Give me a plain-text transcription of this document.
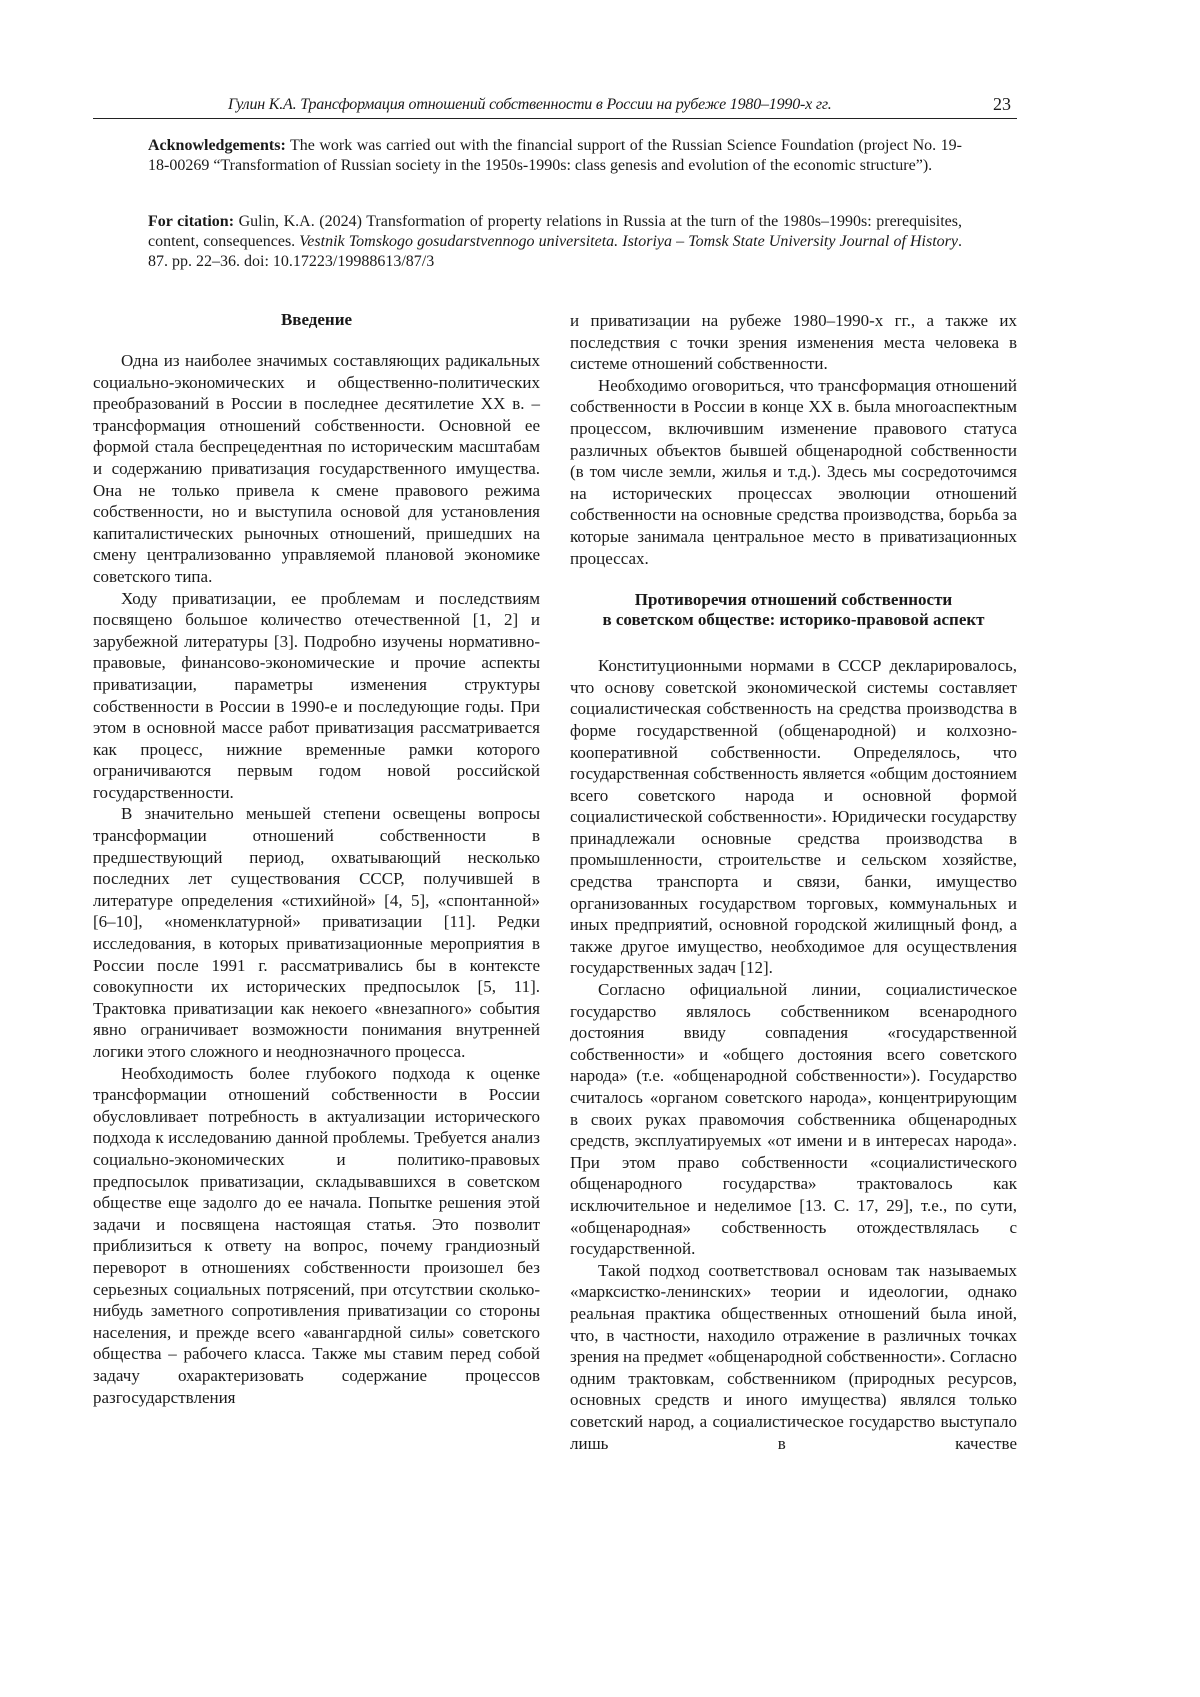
Гулин К.А. Трансформация отношений собственности в России на рубеже 1980–1990-х гг.	23
Acknowledgements: The work was carried out with the financial support of the Russian Science Foundation (project No. 19-18-00269 “Transformation of Russian society in the 1950s-1990s: class genesis and evolution of the economic structure”).
For citation: Gulin, K.A. (2024) Transformation of property relations in Russia at the turn of the 1980s–1990s: prerequisites, content, consequences. Vestnik Tomskogo gosudarstvennogo universiteta. Istoriya – Tomsk State University Journal of History. 87. pp. 22–36. doi: 10.17223/19988613/87/3
Введение

Одна из наиболее значимых составляющих радикальных социально-экономических и общественно-политических преобразований в России в последнее десятилетие XX в. – трансформация отношений собственности. Основной ее формой стала беспрецедентная по историческим масштабам и содержанию приватизация государственного имущества. Она не только привела к смене правового режима собственности, но и выступила основой для установления капиталистических рыночных отношений, пришедших на смену централизованно управляемой плановой экономике советского типа.

Ходу приватизации, ее проблемам и последствиям посвящено большое количество отечественной [1, 2] и зарубежной литературы [3]. Подробно изучены нормативно-правовые, финансово-экономические и прочие аспекты приватизации, параметры изменения структуры собственности в России в 1990-е и последующие годы. При этом в основной массе работ приватизация рассматривается как процесс, нижние временные рамки которого ограничиваются первым годом новой российской государственности.

В значительно меньшей степени освещены вопросы трансформации отношений собственности в предшествующий период, охватывающий несколько последних лет существования СССР, получившей в литературе определения «стихийной» [4, 5], «спонтанной» [6–10], «номенклатурной» приватизации [11]. Редки исследования, в которых приватизационные мероприятия в России после 1991 г. рассматривались бы в контексте совокупности их исторических предпосылок [5, 11]. Трактовка приватизации как некоего «внезапного» события явно ограничивает возможности понимания внутренней логики этого сложного и неоднозначного процесса.

Необходимость более глубокого подхода к оценке трансформации отношений собственности в России обусловливает потребность в актуализации исторического подхода к исследованию данной проблемы. Требуется анализ социально-экономических и политико-правовых предпосылок приватизации, складывавшихся в советском обществе еще задолго до ее начала. Попытке решения этой задачи и посвящена настоящая статья. Это позволит приблизиться к ответу на вопрос, почему грандиозный переворот в отношениях собственности произошел без серьезных социальных потрясений, при отсутствии сколько-нибудь заметного сопротивления приватизации со стороны населения, и прежде всего «авангардной силы» советского общества – рабочего класса. Также мы ставим перед собой задачу охарактеризовать содержание процессов разгосударствления

и приватизации на рубеже 1980–1990-х гг., а также их последствия с точки зрения изменения места человека в системе отношений собственности.

Необходимо оговориться, что трансформация отношений собственности в России в конце XX в. была многоаспектным процессом, включившим изменение правового статуса различных объектов бывшей общенародной собственности (в том числе земли, жилья и т.д.). Здесь мы сосредоточимся на исторических процессах эволюции отношений собственности на основные средства производства, борьба за которые занимала центральное место в приватизационных процессах.

Противоречия отношений собственности
в советском обществе: историко-правовой аспект

Конституционными нормами в СССР декларировалось, что основу советской экономической системы составляет социалистическая собственность на средства производства в форме государственной (общенародной) и колхозно-кооперативной собственности. Определялось, что государственная собственность является «общим достоянием всего советского народа и основной формой социалистической собственности». Юридически государству принадлежали основные средства производства в промышленности, строительстве и сельском хозяйстве, средства транспорта и связи, банки, имущество организованных государством торговых, коммунальных и иных предприятий, основной городской жилищный фонд, а также другое имущество, необходимое для осуществления государственных задач [12].

Согласно официальной линии, социалистическое государство являлось собственником всенародного достояния ввиду совпадения «государственной собственности» и «общего достояния всего советского народа» (т.е. «общенародной собственности»). Государство считалось «органом советского народа», концентрирующим в своих руках правомочия собственника общенародных средств, эксплуатируемых «от имени и в интересах народа». При этом право собственности «социалистического общенародного государства» трактовалось как исключительное и неделимое [13. С. 17, 29], т.е., по сути, «общенародная» собственность отождествлялась с государственной.

Такой подход соответствовал основам так называемых «марксистко-ленинских» теории и идеологии, однако реальная практика общественных отношений была иной, что, в частности, находило отражение в различных точках зрения на предмет «общенародной собственности». Согласно одним трактовкам, собственником (природных ресурсов, основных средств и иного имущества) являлся только советский народ, а социалистическое государство выступало лишь в качестве
